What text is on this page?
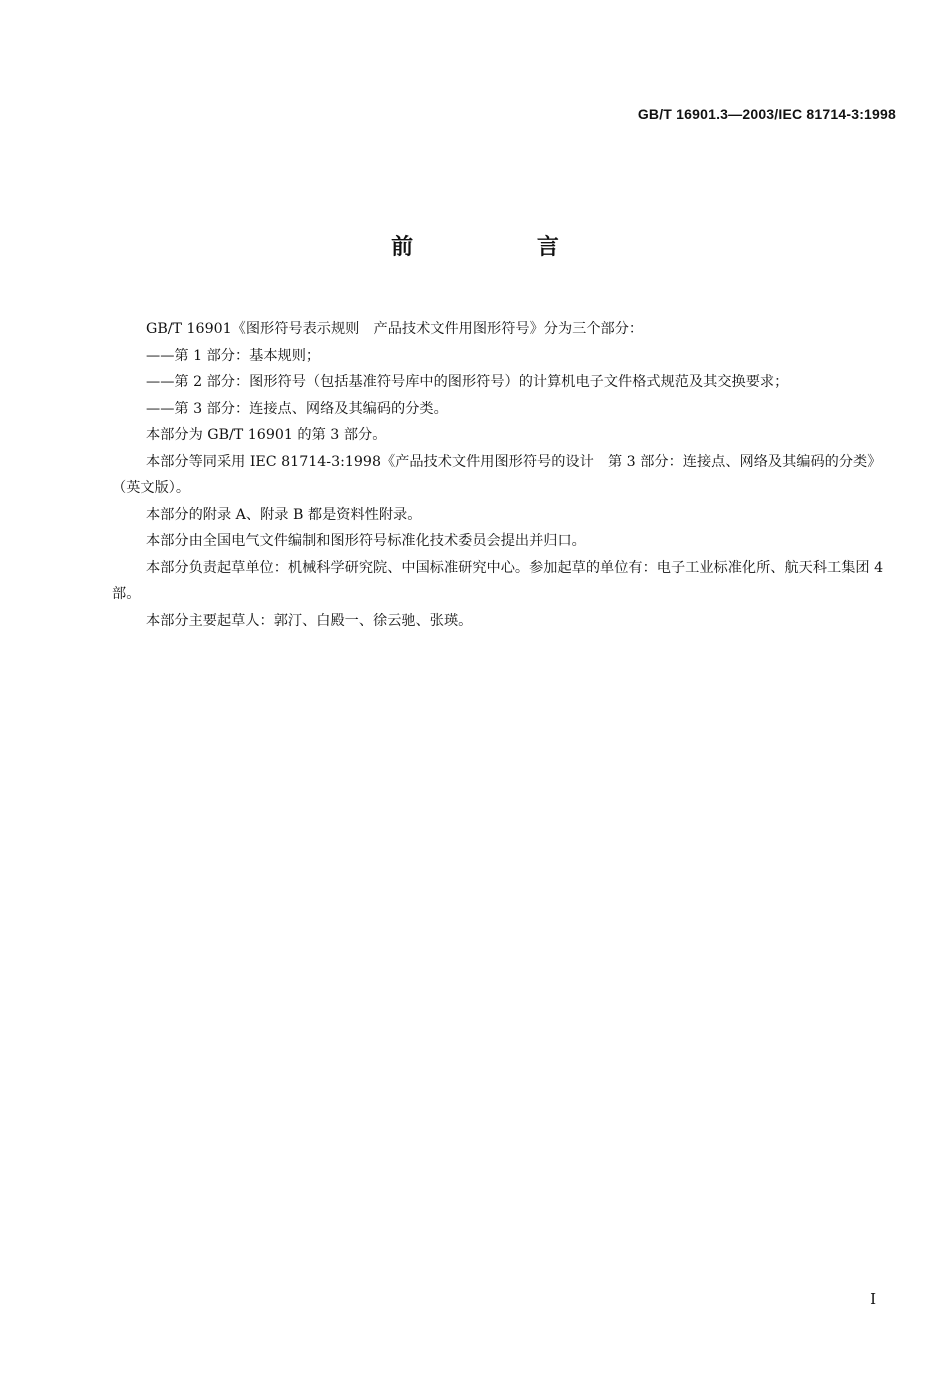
GB/T 16901.3—2003/IEC 81714-3:1998
前 言

GB/T 16901《图形符号表示规则　产品技术文件用图形符号》分为三个部分：

——第 1 部分：基本规则；

——第 2 部分：图形符号（包括基准符号库中的图形符号）的计算机电子文件格式规范及其交换要求；

——第 3 部分：连接点、网络及其编码的分类。

本部分为 GB/T 16901 的第 3 部分。

本部分等同采用 IEC 81714-3:1998《产品技术文件用图形符号的设计　第 3 部分：连接点、网络及其编码的分类》（英文版）。

本部分的附录 A、附录 B 都是资料性附录。

本部分由全国电气文件编制和图形符号标准化技术委员会提出并归口。

本部分负责起草单位：机械科学研究院、中国标准研究中心。参加起草的单位有：电子工业标准化所、航天科工集团 4 部。

本部分主要起草人：郭汀、白殿一、徐云驰、张瑛。

I
